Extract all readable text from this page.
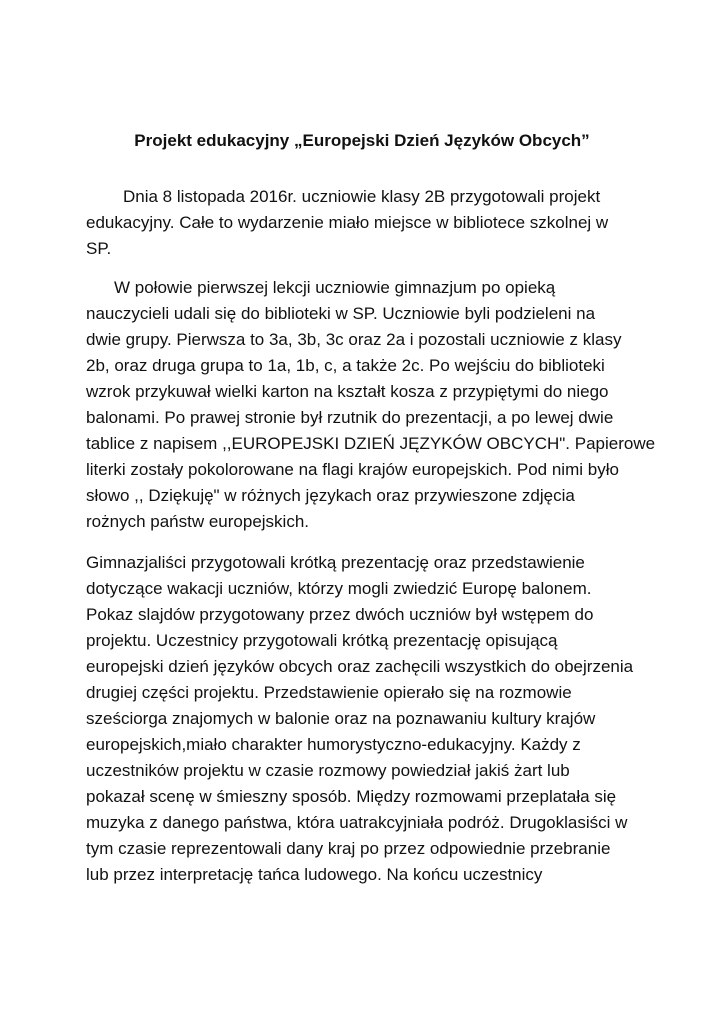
Projekt edukacyjny „Europejski Dzień Języków Obcych”
Dnia 8 listopada 2016r. uczniowie klasy 2B przygotowali projekt
edukacyjny. Całe to wydarzenie miało miejsce w bibliotece szkolnej w
SP.
W połowie pierwszej lekcji uczniowie gimnazjum po opieką
nauczycieli udali się do biblioteki w SP. Uczniowie byli podzieleni na
dwie grupy. Pierwsza to 3a, 3b, 3c oraz 2a i pozostali uczniowie z klasy
2b, oraz druga grupa to 1a, 1b, c, a także 2c. Po wejściu do biblioteki
wzrok przykuwał wielki karton na kształt kosza z przypiętymi do niego
balonami. Po prawej stronie był rzutnik do prezentacji, a po lewej dwie
tablice z napisem ,,EUROPEJSKI DZIEŃ JĘZYKÓW OBCYCH". Papierowe
literki zostały pokolorowane na flagi krajów europejskich. Pod nimi było
słowo ,, Dziękuję" w różnych językach oraz przywieszone zdjęcia
rożnych państw europejskich.
Gimnazjaliści przygotowali krótką prezentację oraz przedstawienie
dotyczące wakacji uczniów, którzy mogli zwiedzić Europę balonem.
Pokaz slajdów przygotowany przez dwóch uczniów był wstępem do
projektu. Uczestnicy przygotowali krótką prezentację opisującą
europejski dzień języków obcych oraz zachęcili wszystkich do obejrzenia
drugiej części projektu. Przedstawienie opierało się na rozmowie
sześciorga znajomych w balonie oraz na poznawaniu kultury krajów
europejskich,miało charakter humorystyczno-edukacyjny. Każdy z
uczestników projektu w czasie rozmowy powiedział jakiś żart lub
pokazał scenę w śmieszny sposób. Między rozmowami przeplatała się
muzyka z danego państwa, która uatrakcyjniała podróż. Drugoklasiści w
tym czasie reprezentowali dany kraj po przez odpowiednie przebranie
lub przez interpretację tańca ludowego. Na końcu uczestnicy
